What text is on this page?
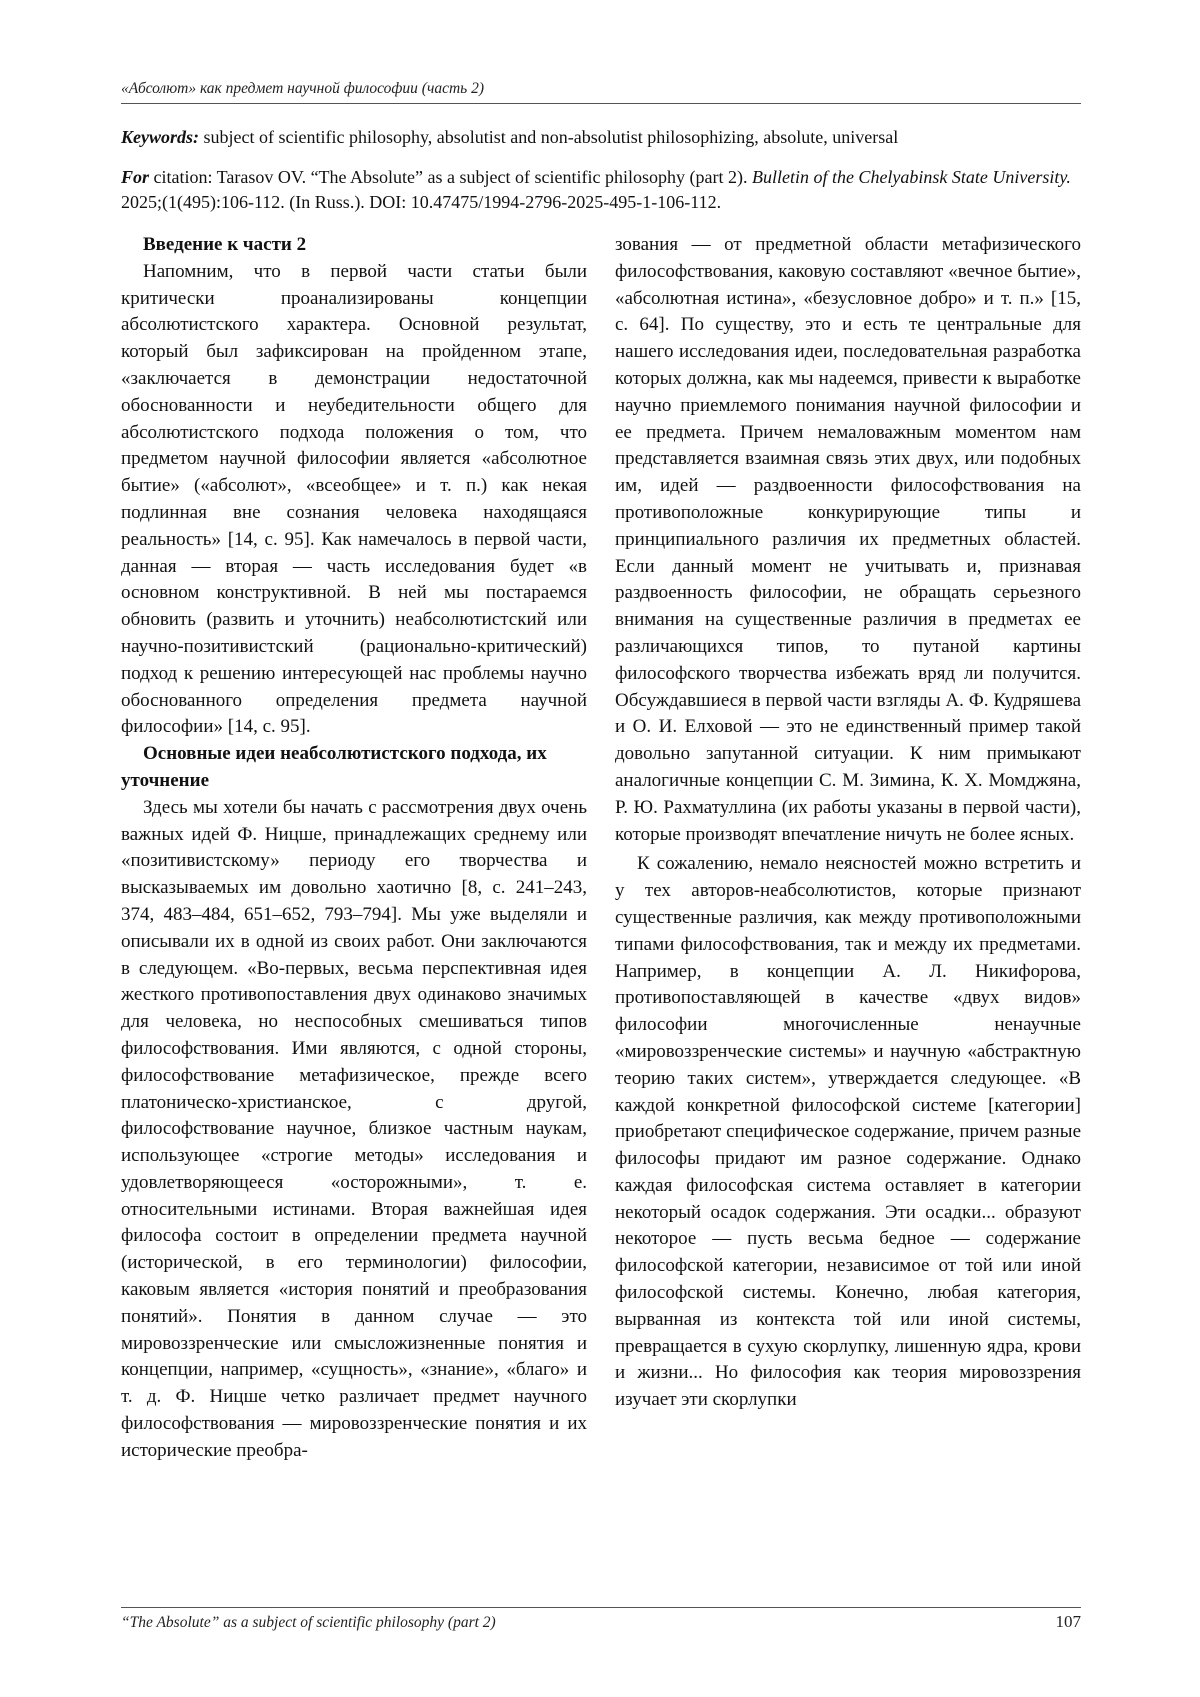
«Абсолют» как предмет научной философии (часть 2)
Keywords: subject of scientific philosophy, absolutist and non-absolutist philosophizing, absolute, universal
For citation: Tarasov OV. “The Absolute” as a subject of scientific philosophy (part 2). Bulletin of the Chelyabinsk State University. 2025;(1(495):106-112. (In Russ.). DOI: 10.47475/1994-2796-2025-495-1-106-112.
Введение к части 2

Напомним, что в первой части статьи были критически проанализированы концепции абсолютистского характера. Основной результат, который был зафиксирован на пройденном этапе, «заключается в демонстрации недостаточной обоснованности и неубедительности общего для абсолютистского подхода положения о том, что предметом научной философии является «абсолютное бытие» («абсолют», «всеобщее» и т. п.) как некая подлинная вне сознания человека находящаяся реальность» [14, с. 95]. Как намечалось в первой части, данная — вторая — часть исследования будет «в основном конструктивной. В ней мы постараемся обновить (развить и уточнить) неабсолютистский или научно-позитивистский (рационально-критический) подход к решению интересующей нас проблемы научно обоснованного определения предмета научной философии» [14, с. 95].

Основные идеи неабсолютистского подхода, их уточнение

Здесь мы хотели бы начать с рассмотрения двух очень важных идей Ф. Ницше, принадлежащих среднему или «позитивистскому» периоду его творчества и высказываемых им довольно хаотично [8, с. 241–243, 374, 483–484, 651–652, 793–794]. Мы уже выделяли и описывали их в одной из своих работ. Они заключаются в следующем. «Во-первых, весьма перспективная идея жесткого противопоставления двух одинаково значимых для человека, но неспособных смешиваться типов философствования. Ими являются, с одной стороны, философствование метафизическое, прежде всего платоническо-христианское, с другой, философствование научное, близкое частным наукам, использующее «строгие методы» исследования и удовлетворяющееся «осторожными», т. е. относительными истинами. Вторая важнейшая идея философа состоит в определении предмета научной (исторической, в его терминологии) философии, каковым является «история понятий и преобразования понятий». Понятия в данном случае — это мировоззренческие или смысложизненные понятия и концепции, например, «сущность», «знание», «благо» и т. д. Ф. Ницше четко различает предмет научного философствования — мировоззренческие понятия и их исторические преобра-

зования — от предметной области метафизического философствования, каковую составляют «вечное бытие», «абсолютная истина», «безусловное добро» и т. п.» [15, с. 64]. По существу, это и есть те центральные для нашего исследования идеи, последовательная разработка которых должна, как мы надеемся, привести к выработке научно приемлемого понимания научной философии и ее предмета. Причем немаловажным моментом нам представляется взаимная связь этих двух, или подобных им, идей — раздвоенности философствования на противоположные конкурирующие типы и принципиального различия их предметных областей. Если данный момент не учитывать и, признавая раздвоенность философии, не обращать серьезного внимания на существенные различия в предметах ее различающихся типов, то путаной картины философского творчества избежать вряд ли получится. Обсуждавшиеся в первой части взгляды А. Ф. Кудряшева и О. И. Елховой — это не единственный пример такой довольно запутанной ситуации. К ним примыкают аналогичные концепции С. М. Зимина, К. Х. Момджяна, Р. Ю. Рахматуллина (их работы указаны в первой части), которые производят впечатление ничуть не более ясных.

К сожалению, немало неясностей можно встретить и у тех авторов-неабсолютистов, которые признают существенные различия, как между противоположными типами философствования, так и между их предметами. Например, в концепции А. Л. Никифорова, противопоставляющей в качестве «двух видов» философии многочисленные ненаучные «мировоззренческие системы» и научную «абстрактную теорию таких систем», утверждается следующее. «В каждой конкретной философской системе [категории] приобретают специфическое содержание, причем разные философы придают им разное содержание. Однако каждая философская система оставляет в категории некоторый осадок содержания. Эти осадки... образуют некоторое — пусть весьма бедное — содержание философской категории, независимое от той или иной философской системы. Конечно, любая категория, вырванная из контекста той или иной системы, превращается в сухую скорлупку, лишенную ядра, крови и жизни... Но философия как теория мировоззрения изучает эти скорлупки

“The Absolute” as a subject of scientific philosophy (part 2)	107
